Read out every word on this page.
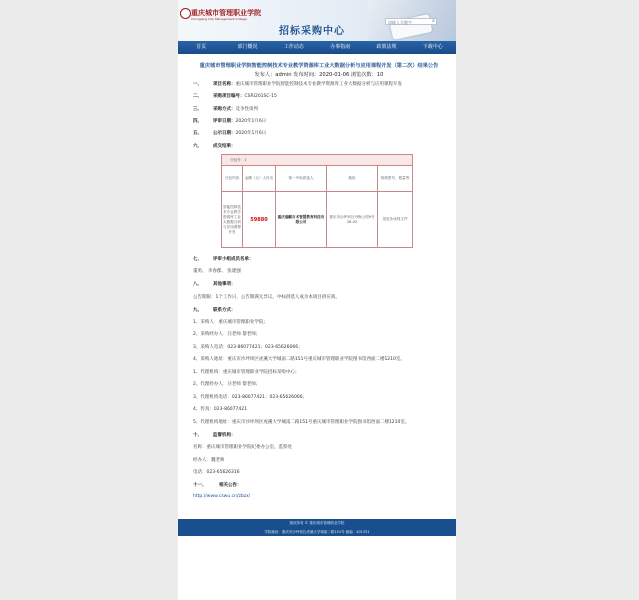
重庆城市管理职业学院
Chongqing City Management College
招标采购中心
请输入关键字	⌕
首页	部门概况	工作动态	办事指南	政策法规	下载中心
重庆城市管理职业学院智能控制技术专业教学资源库工业大数据分析与应用课程开发（第二次）结果公告
发布人：admin 发布时间：2020-01-06 浏览次数：10
一、 项目名称：重庆城市管理职业学院智能控制技术专业教学资源库工业大数据分析与应用课程开发
二、 采购项目编号：CSRI201SC-15
三、 采购方式：竞争性谈判
四、 评审日期：2020年1月6日
五、 公示日期：2020年1月6日
六、 成交结果：
分包号：1				
分包内容	金额（元）人民币	第一中标供选人	地址	规格型号、数量等
智能控制技术专业教学资源库工业大数据分析与应用课程开发	59880	重庆瑞麒吉术智慧教育科技有限公司	重庆市沙坪坝区丹梅公园9号26-02	见竞争谈判文件
七、 评审小组成员名单：
董勇、 李春郡、 张建强
八、 其他事项：
公告期限：1个工作日，公告期满无异议，中标供选人成为本项目供应商。
九、 联系方式：
1、采购人：重庆城市管理职业学院；
2、采购经办人：汪老师 黎老师；
3、采购人电话：023-86077421；023-65626066；
4、采购人地址：重庆市沙坪坝区虎溪大学城南二路151号重庆城市管理职业学院图书馆西面二楼1210室。
1、代理机构：重庆城市管理职业学院招标采购中心；
2、代理经办人：汪老师 黎老师；
3、代理机构电话：023-86077421；023-65626066；
4、传真：023-86077421
5、代理机构地址：重庆市沙坪坝区虎溪大学城南二路151号重庆城市管理职业学院图书馆西面二楼1210室。
十、 监督机构：
名称：重庆城市管理职业学院纪委办公室、监察处
经办人：魏老师
电话：023-65626316
十一、	相关公告：
http://www.cswu.cn/zbzx/
版权所有 © 重庆城市管理职业学院
学院地址：重庆市沙坪坝区虎溪大学城南二路151号 邮编：401331
